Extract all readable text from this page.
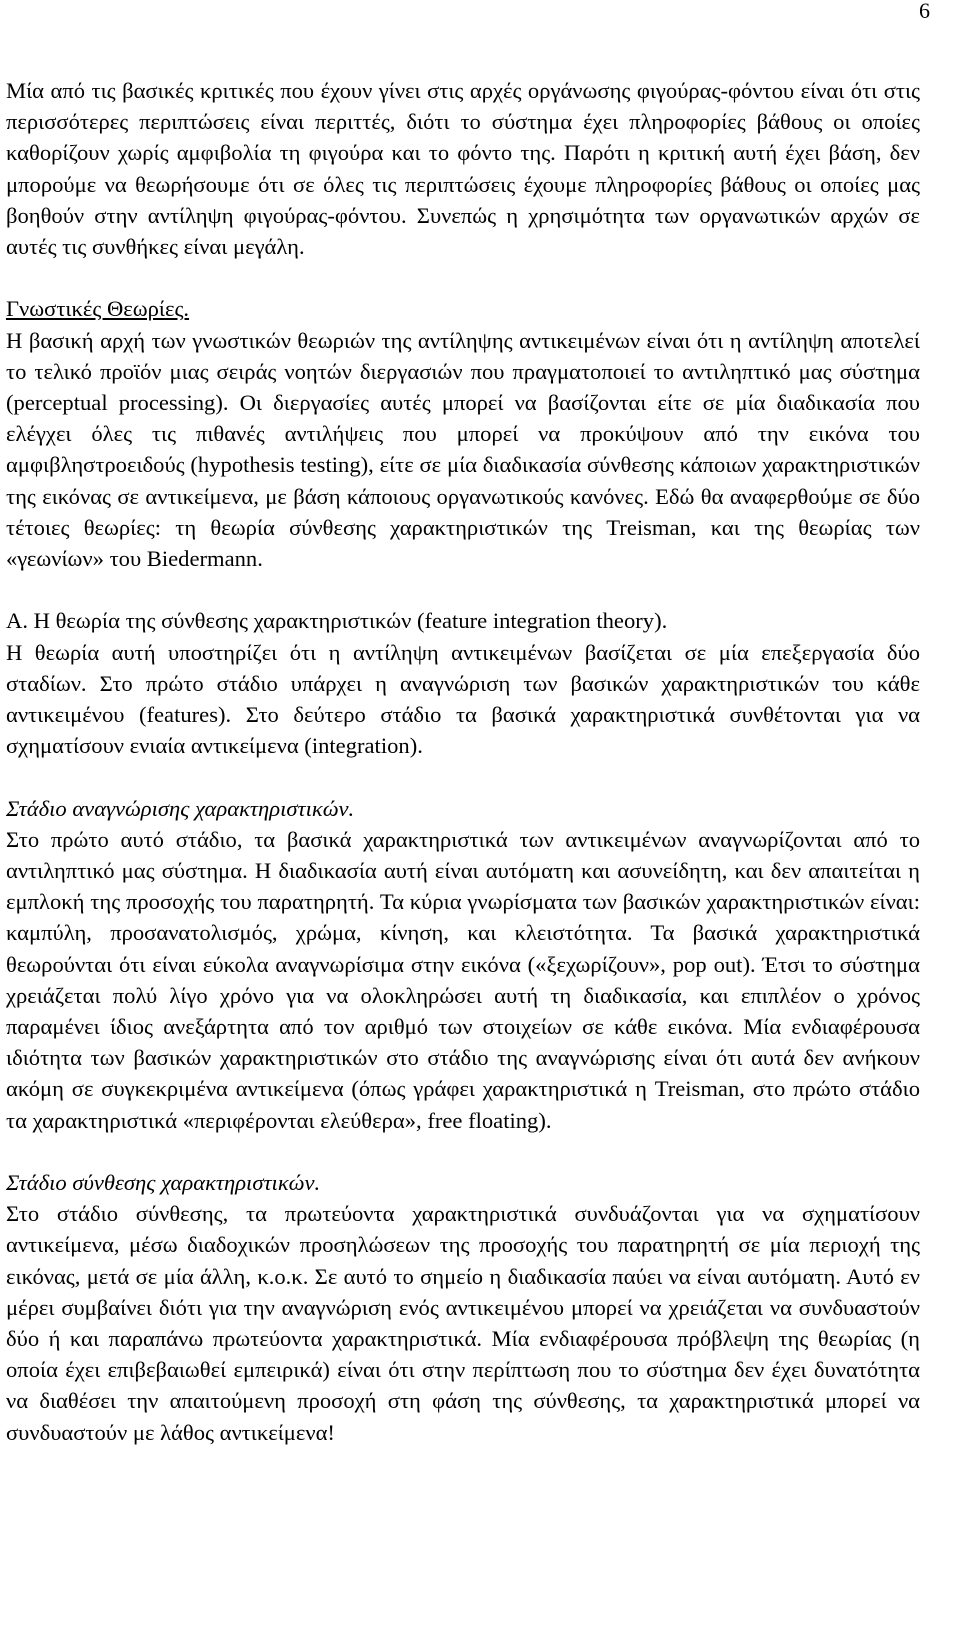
6

Μία από τις βασικές κριτικές που έχουν γίνει στις αρχές οργάνωσης φιγούρας-φόντου είναι ότι στις περισσότερες περιπτώσεις είναι περιττές, διότι το σύστημα έχει πληροφορίες βάθους οι οποίες καθορίζουν χωρίς αμφιβολία τη φιγούρα και το φόντο της. Παρότι η κριτική αυτή έχει βάση, δεν μπορούμε να θεωρήσουμε ότι σε όλες τις περιπτώσεις έχουμε πληροφορίες βάθους οι οποίες μας βοηθούν στην αντίληψη φιγούρας-φόντου. Συνεπώς η χρησιμότητα των οργανωτικών αρχών σε αυτές τις συνθήκες είναι μεγάλη.

Γνωστικές Θεωρίες.

Η βασική αρχή των γνωστικών θεωριών της αντίληψης αντικειμένων είναι ότι η αντίληψη αποτελεί το τελικό προϊόν μιας σειράς νοητών διεργασιών που πραγματοποιεί το αντιληπτικό μας σύστημα (perceptual processing). Οι διεργασίες αυτές μπορεί να βασίζονται είτε σε μία διαδικασία που ελέγχει όλες τις πιθανές αντιλήψεις που μπορεί να προκύψουν από την εικόνα του αμφιβληστροειδούς (hypothesis testing), είτε σε μία διαδικασία σύνθεσης κάποιων χαρακτηριστικών της εικόνας σε αντικείμενα, με βάση κάποιους οργανωτικούς κανόνες. Εδώ θα αναφερθούμε σε δύο τέτοιες θεωρίες: τη θεωρία σύνθεσης χαρακτηριστικών της Treisman, και της θεωρίας των «γεωνίων» του Biedermann.

Α. Η θεωρία της σύνθεσης χαρακτηριστικών (feature integration theory).

Η θεωρία αυτή υποστηρίζει ότι η αντίληψη αντικειμένων βασίζεται σε μία επεξεργασία δύο σταδίων. Στο πρώτο στάδιο υπάρχει η αναγνώριση των βασικών χαρακτηριστικών του κάθε αντικειμένου (features). Στο δεύτερο στάδιο τα βασικά χαρακτηριστικά συνθέτονται για να σχηματίσουν ενιαία αντικείμενα (integration).

Στάδιο αναγνώρισης χαρακτηριστικών.

Στο πρώτο αυτό στάδιο, τα βασικά χαρακτηριστικά των αντικειμένων αναγνωρίζονται από το αντιληπτικό μας σύστημα. Η διαδικασία αυτή είναι αυτόματη και ασυνείδητη, και δεν απαιτείται η εμπλοκή της προσοχής του παρατηρητή. Τα κύρια γνωρίσματα των βασικών χαρακτηριστικών είναι: καμπύλη, προσανατολισμός, χρώμα, κίνηση, και κλειστότητα. Τα βασικά χαρακτηριστικά θεωρούνται ότι είναι εύκολα αναγνωρίσιμα στην εικόνα («ξεχωρίζουν», pop out). Έτσι το σύστημα χρειάζεται πολύ λίγο χρόνο για να ολοκληρώσει αυτή τη διαδικασία, και επιπλέον ο χρόνος παραμένει ίδιος ανεξάρτητα από τον αριθμό των στοιχείων σε κάθε εικόνα. Μία ενδιαφέρουσα ιδιότητα των βασικών χαρακτηριστικών στο στάδιο της αναγνώρισης είναι ότι αυτά δεν ανήκουν ακόμη σε συγκεκριμένα αντικείμενα (όπως γράφει χαρακτηριστικά η Treisman, στο πρώτο στάδιο τα χαρακτηριστικά «περιφέρονται ελεύθερα», free floating).

Στάδιο σύνθεσης χαρακτηριστικών.

Στο στάδιο σύνθεσης, τα πρωτεύοντα χαρακτηριστικά συνδυάζονται για να σχηματίσουν αντικείμενα, μέσω διαδοχικών προσηλώσεων της προσοχής του παρατηρητή σε μία περιοχή της εικόνας, μετά σε μία άλλη, κ.ο.κ. Σε αυτό το σημείο η διαδικασία παύει να είναι αυτόματη. Αυτό εν μέρει συμβαίνει διότι για την αναγνώριση ενός αντικειμένου μπορεί να χρειάζεται να συνδυαστούν δύο ή και παραπάνω πρωτεύοντα χαρακτηριστικά. Μία ενδιαφέρουσα πρόβλεψη της θεωρίας (η οποία έχει επιβεβαιωθεί εμπειρικά) είναι ότι στην περίπτωση που το σύστημα δεν έχει δυνατότητα να διαθέσει την απαιτούμενη προσοχή στη φάση της σύνθεσης, τα χαρακτηριστικά μπορεί να συνδυαστούν με λάθος αντικείμενα!
